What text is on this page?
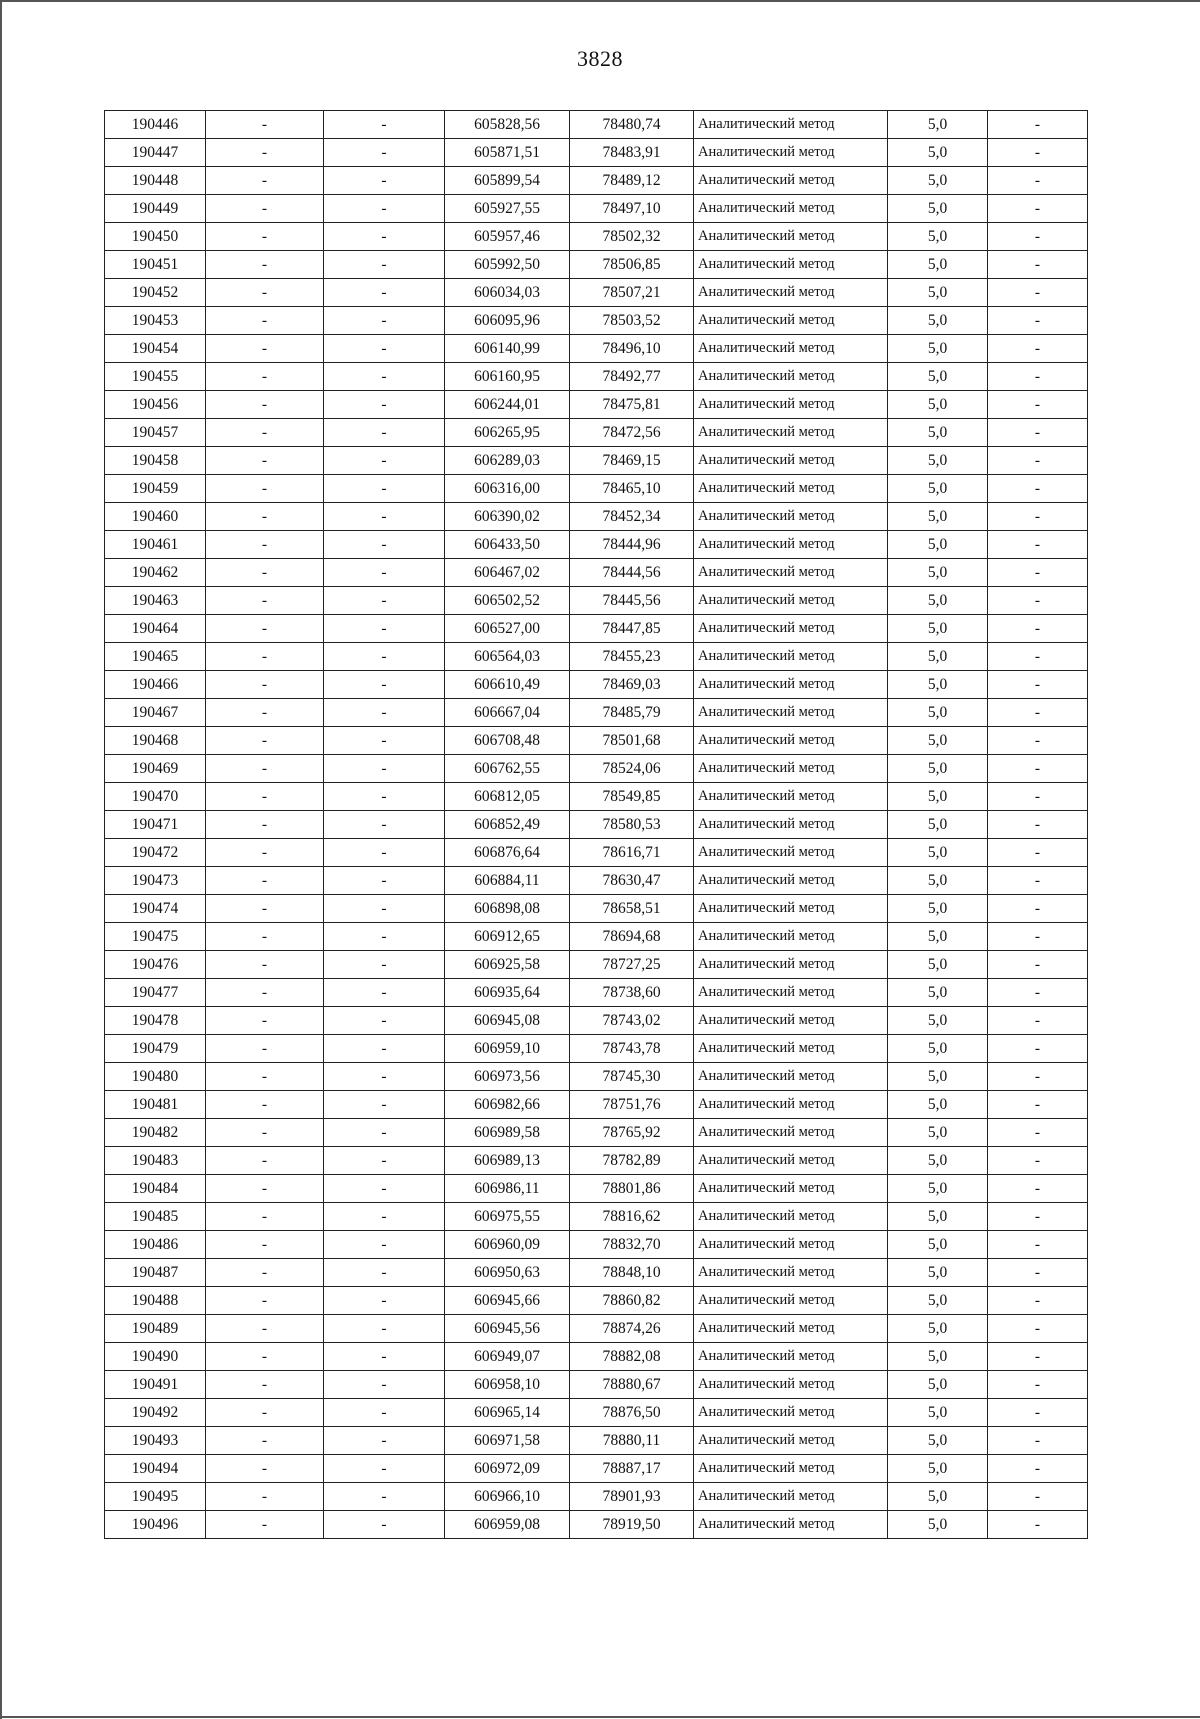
3828
190446	-	-	605828,56	78480,74	Аналитический метод	5,0	-
190447	-	-	605871,51	78483,91	Аналитический метод	5,0	-
190448	-	-	605899,54	78489,12	Аналитический метод	5,0	-
190449	-	-	605927,55	78497,10	Аналитический метод	5,0	-
190450	-	-	605957,46	78502,32	Аналитический метод	5,0	-
190451	-	-	605992,50	78506,85	Аналитический метод	5,0	-
190452	-	-	606034,03	78507,21	Аналитический метод	5,0	-
190453	-	-	606095,96	78503,52	Аналитический метод	5,0	-
190454	-	-	606140,99	78496,10	Аналитический метод	5,0	-
190455	-	-	606160,95	78492,77	Аналитический метод	5,0	-
190456	-	-	606244,01	78475,81	Аналитический метод	5,0	-
190457	-	-	606265,95	78472,56	Аналитический метод	5,0	-
190458	-	-	606289,03	78469,15	Аналитический метод	5,0	-
190459	-	-	606316,00	78465,10	Аналитический метод	5,0	-
190460	-	-	606390,02	78452,34	Аналитический метод	5,0	-
190461	-	-	606433,50	78444,96	Аналитический метод	5,0	-
190462	-	-	606467,02	78444,56	Аналитический метод	5,0	-
190463	-	-	606502,52	78445,56	Аналитический метод	5,0	-
190464	-	-	606527,00	78447,85	Аналитический метод	5,0	-
190465	-	-	606564,03	78455,23	Аналитический метод	5,0	-
190466	-	-	606610,49	78469,03	Аналитический метод	5,0	-
190467	-	-	606667,04	78485,79	Аналитический метод	5,0	-
190468	-	-	606708,48	78501,68	Аналитический метод	5,0	-
190469	-	-	606762,55	78524,06	Аналитический метод	5,0	-
190470	-	-	606812,05	78549,85	Аналитический метод	5,0	-
190471	-	-	606852,49	78580,53	Аналитический метод	5,0	-
190472	-	-	606876,64	78616,71	Аналитический метод	5,0	-
190473	-	-	606884,11	78630,47	Аналитический метод	5,0	-
190474	-	-	606898,08	78658,51	Аналитический метод	5,0	-
190475	-	-	606912,65	78694,68	Аналитический метод	5,0	-
190476	-	-	606925,58	78727,25	Аналитический метод	5,0	-
190477	-	-	606935,64	78738,60	Аналитический метод	5,0	-
190478	-	-	606945,08	78743,02	Аналитический метод	5,0	-
190479	-	-	606959,10	78743,78	Аналитический метод	5,0	-
190480	-	-	606973,56	78745,30	Аналитический метод	5,0	-
190481	-	-	606982,66	78751,76	Аналитический метод	5,0	-
190482	-	-	606989,58	78765,92	Аналитический метод	5,0	-
190483	-	-	606989,13	78782,89	Аналитический метод	5,0	-
190484	-	-	606986,11	78801,86	Аналитический метод	5,0	-
190485	-	-	606975,55	78816,62	Аналитический метод	5,0	-
190486	-	-	606960,09	78832,70	Аналитический метод	5,0	-
190487	-	-	606950,63	78848,10	Аналитический метод	5,0	-
190488	-	-	606945,66	78860,82	Аналитический метод	5,0	-
190489	-	-	606945,56	78874,26	Аналитический метод	5,0	-
190490	-	-	606949,07	78882,08	Аналитический метод	5,0	-
190491	-	-	606958,10	78880,67	Аналитический метод	5,0	-
190492	-	-	606965,14	78876,50	Аналитический метод	5,0	-
190493	-	-	606971,58	78880,11	Аналитический метод	5,0	-
190494	-	-	606972,09	78887,17	Аналитический метод	5,0	-
190495	-	-	606966,10	78901,93	Аналитический метод	5,0	-
190496	-	-	606959,08	78919,50	Аналитический метод	5,0	-
